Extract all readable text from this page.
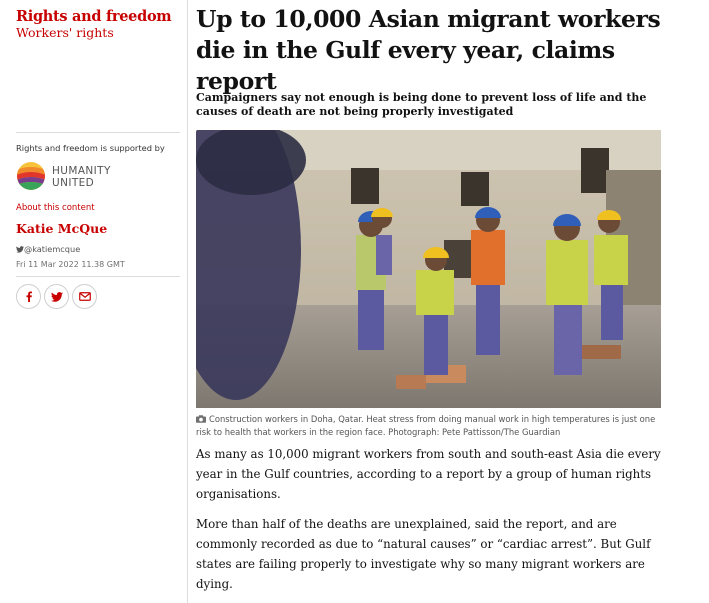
Rights and freedom
Workers' rights
Rights and freedom is supported by
HUMANITY
UNITED
About this content
Katie McQue
@katiemcque
Fri 11 Mar 2022 11.38 GMT
Up to 10,000 Asian migrant workers die in the Gulf every year, claims report
Campaigners say not enough is being done to prevent loss of life and the causes of death are not being properly investigated
Construction workers in Doha, Qatar. Heat stress from doing manual work in high temperatures is just one risk to health that workers in the region face. Photograph: Pete Pattisson/The Guardian

As many as 10,000 migrant workers from south and south-east Asia die every year in the Gulf countries, according to a report by a group of human rights organisations.

More than half of the deaths are unexplained, said the report, and are commonly recorded as due to “natural causes” or “cardiac arrest”. But Gulf states are failing properly to investigate why so many migrant workers are dying.
